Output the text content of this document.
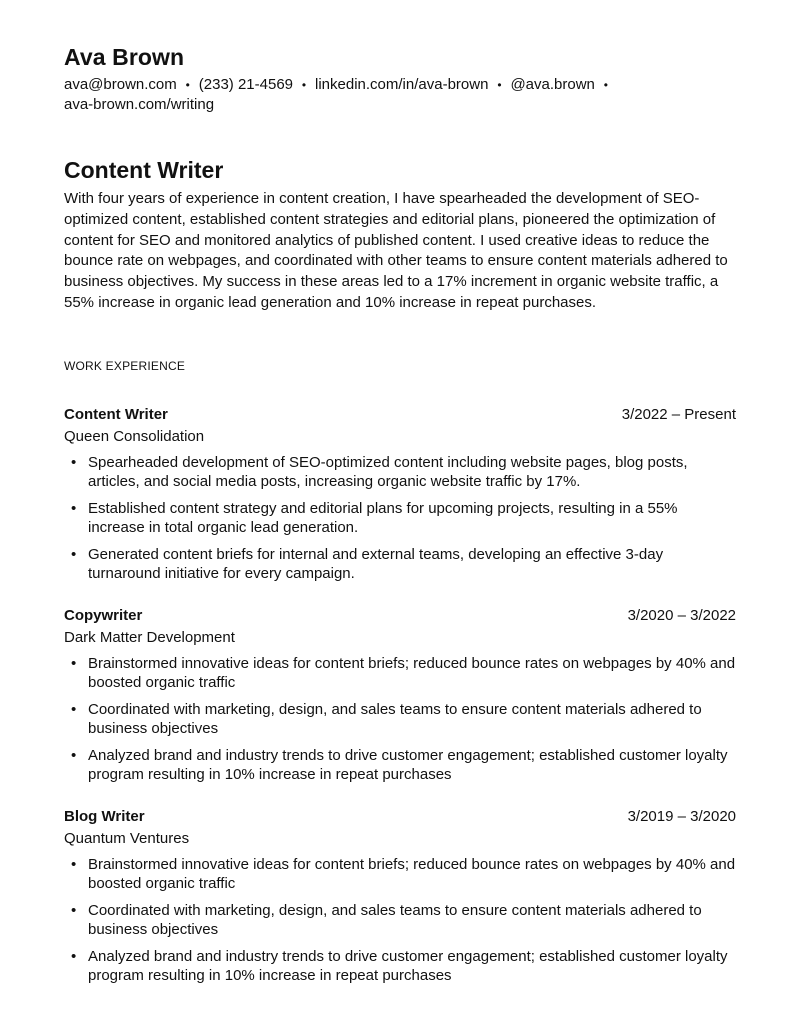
Ava Brown
ava@brown.com • (233) 21-4569 • linkedin.com/in/ava-brown • @ava.brown •
ava-brown.com/writing
Content Writer
With four years of experience in content creation, I have spearheaded the development of SEO-optimized content, established content strategies and editorial plans, pioneered the optimization of content for SEO and monitored analytics of published content. I used creative ideas to reduce the bounce rate on webpages, and coordinated with other teams to ensure content materials adhered to business objectives. My success in these areas led to a 17% increment in organic website traffic, a 55% increase in organic lead generation and 10% increase in repeat purchases.
WORK EXPERIENCE
Content Writer	3/2022 – Present
Queen Consolidation
• Spearheaded development of SEO-optimized content including website pages, blog posts, articles, and social media posts, increasing organic website traffic by 17%.
• Established content strategy and editorial plans for upcoming projects, resulting in a 55% increase in total organic lead generation.
• Generated content briefs for internal and external teams, developing an effective 3-day turnaround initiative for every campaign.
Copywriter	3/2020 – 3/2022
Dark Matter Development
• Brainstormed innovative ideas for content briefs; reduced bounce rates on webpages by 40% and boosted organic traffic
• Coordinated with marketing, design, and sales teams to ensure content materials adhered to business objectives
• Analyzed brand and industry trends to drive customer engagement; established customer loyalty program resulting in 10% increase in repeat purchases
Blog Writer	3/2019 – 3/2020
Quantum Ventures
• Brainstormed innovative ideas for content briefs; reduced bounce rates on webpages by 40% and boosted organic traffic
• Coordinated with marketing, design, and sales teams to ensure content materials adhered to business objectives
• Analyzed brand and industry trends to drive customer engagement; established customer loyalty program resulting in 10% increase in repeat purchases
